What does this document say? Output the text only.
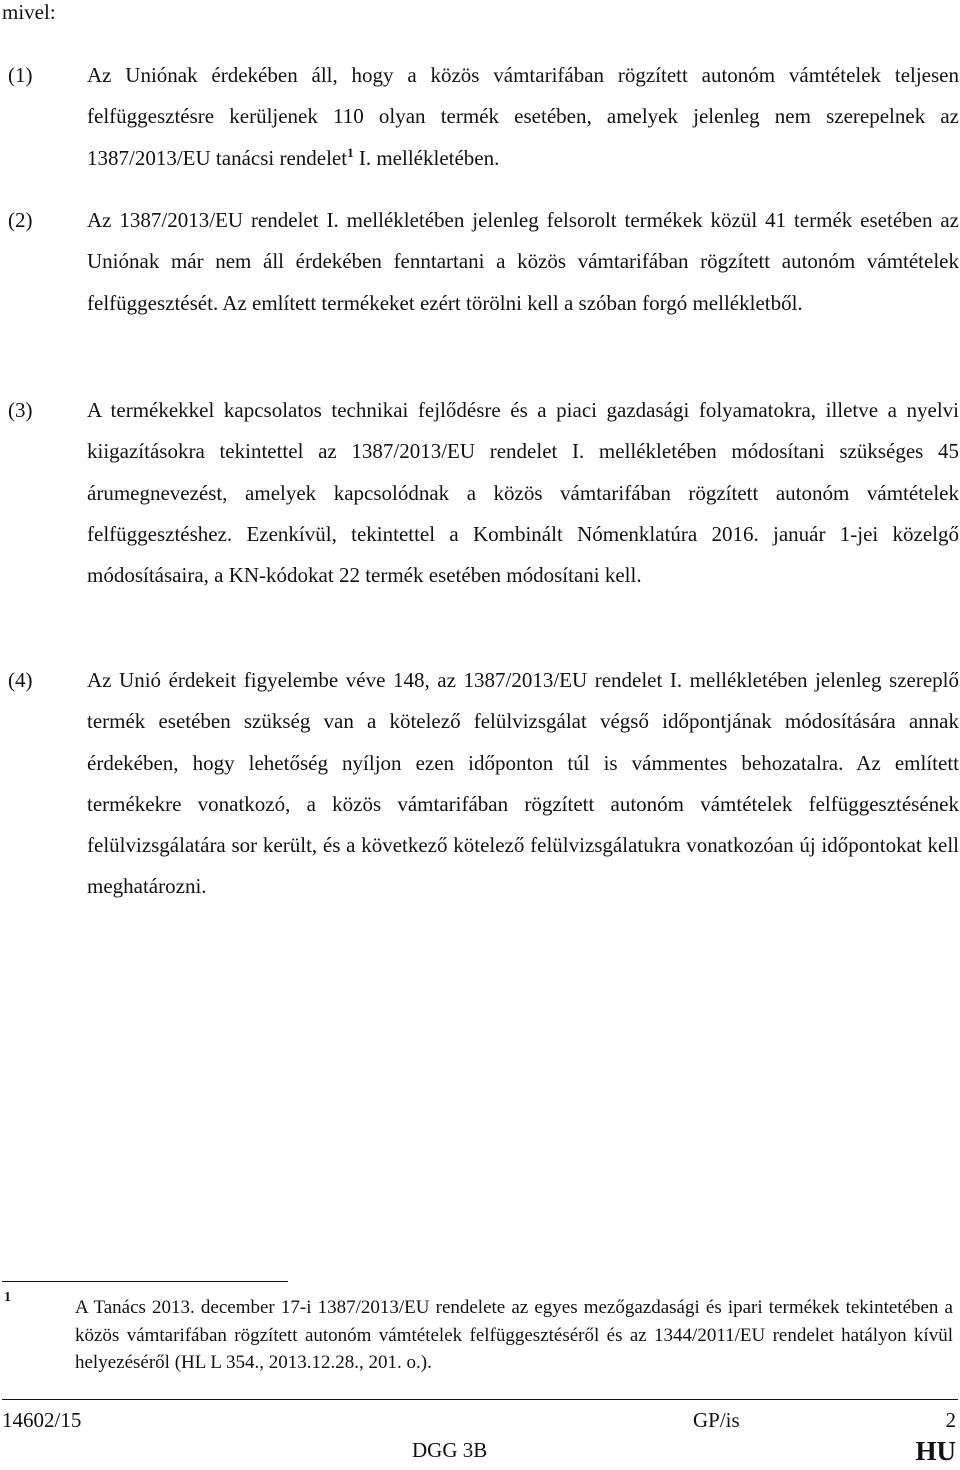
mivel:
(1)	Az Uniónak érdekében áll, hogy a közös vámtarifában rögzített autonóm vámtételek teljesen felfüggesztésre kerüljenek 110 olyan termék esetében, amelyek jelenleg nem szerepelnek az 1387/2013/EU tanácsi rendelet$^1$ I. mellékletében.
(2)	Az 1387/2013/EU rendelet I. mellékletében jelenleg felsorolt termékek közül 41 termék esetében az Uniónak már nem áll érdekében fenntartani a közös vámtarifában rögzített autonóm vámtételek felfüggesztését. Az említett termékeket ezért törölni kell a szóban forgó mellékletből.
(3)	A termékekkel kapcsolatos technikai fejlődésre és a piaci gazdasági folyamatokra, illetve a nyelvi kiigazításokra tekintettel az 1387/2013/EU rendelet I. mellékletében módosítani szükséges 45 árumegnevezést, amelyek kapcsolódnak a közös vámtarifában rögzített autonóm vámtételek felfüggesztéshez. Ezenkívül, tekintettel a Kombinált Nómenklatúra 2016. január 1-jei közelgő módosításaira, a KN-kódokat 22 termék esetében módosítani kell.
(4)	Az Unió érdekeit figyelembe véve 148, az 1387/2013/EU rendelet I. mellékletében jelenleg szereplő termék esetében szükség van a kötelező felülvizsgálat végső időpontjának módosítására annak érdekében, hogy lehetőség nyíljon ezen időponton túl is vámmentes behozatalra. Az említett termékekre vonatkozó, a közös vámtarifában rögzített autonóm vámtételek felfüggesztésének felülvizsgálatára sor került, és a következő kötelező felülvizsgálatukra vonatkozóan új időpontokat kell meghatározni.
1	A Tanács 2013. december 17-i 1387/2013/EU rendelete az egyes mezőgazdasági és ipari termékek tekintetében a közös vámtarifában rögzített autonóm vámtételek felfüggesztéséről és az 1344/2011/EU rendelet hatályon kívül helyezéséről (HL L 354., 2013.12.28., 201. o.).
14602/15	GP/is	2
DGG 3B	HU
